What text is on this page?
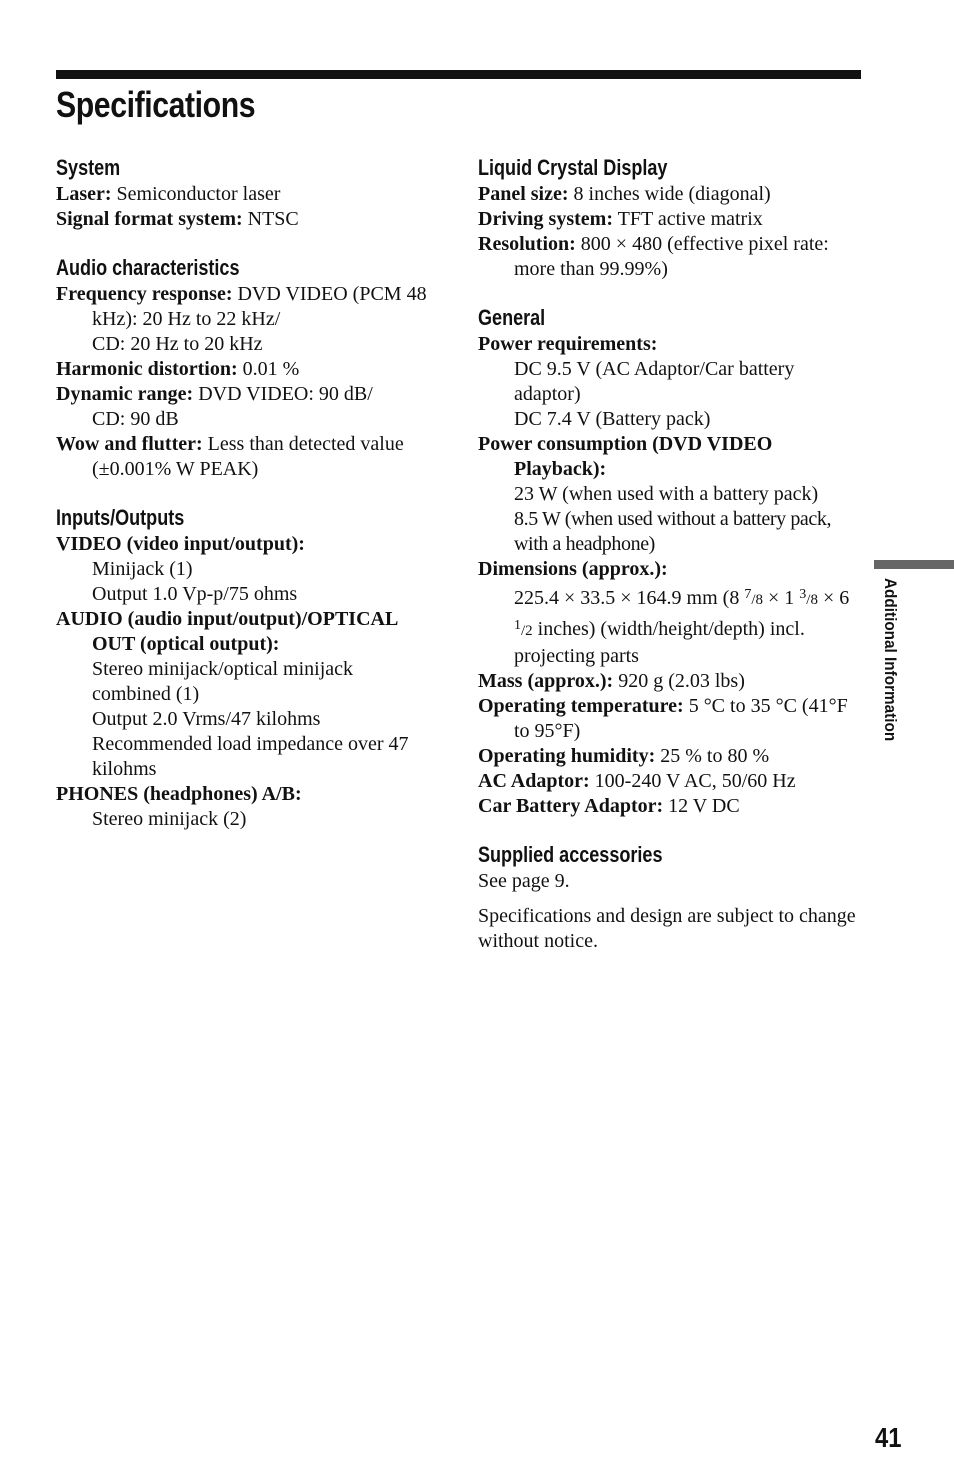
Specifications
System
Laser: Semiconductor laser
Signal format system: NTSC
Audio characteristics
Frequency response: DVD VIDEO (PCM 48 kHz): 20 Hz to 22 kHz/
CD: 20 Hz to 20 kHz
Harmonic distortion: 0.01 %
Dynamic range: DVD VIDEO: 90 dB/
CD: 90 dB
Wow and flutter: Less than detected value (±0.001% W PEAK)
Inputs/Outputs
VIDEO (video input/output):
Minijack (1)
Output 1.0 Vp-p/75 ohms
AUDIO (audio input/output)/OPTICAL OUT (optical output):
Stereo minijack/optical minijack combined (1)
Output 2.0 Vrms/47 kilohms
Recommended load impedance over 47 kilohms
PHONES (headphones) A/B:
Stereo minijack (2)
Liquid Crystal Display
Panel size: 8 inches wide (diagonal)
Driving system: TFT active matrix
Resolution: 800 × 480 (effective pixel rate: more than 99.99%)
General
Power requirements:
DC 9.5 V (AC Adaptor/Car battery adaptor)
DC 7.4 V (Battery pack)
Power consumption (DVD VIDEO Playback):
23 W (when used with a battery pack)
8.5 W (when used without a battery pack, with a headphone)
Dimensions (approx.):
225.4 × 33.5 × 164.9 mm (8 $^7$/8 × 1 $^3$/8 × 6 $^1$/2 inches) (width/height/depth) incl. projecting parts
Mass (approx.): 920 g (2.03 lbs)
Operating temperature: 5 °C to 35 °C (41°F to 95°F)
Operating humidity: 25 % to 80 %
AC Adaptor: 100-240 V AC, 50/60 Hz
Car Battery Adaptor: 12 V DC
Supplied accessories

See page 9.

Specifications and design are subject to change without notice.

Additional Information
41
